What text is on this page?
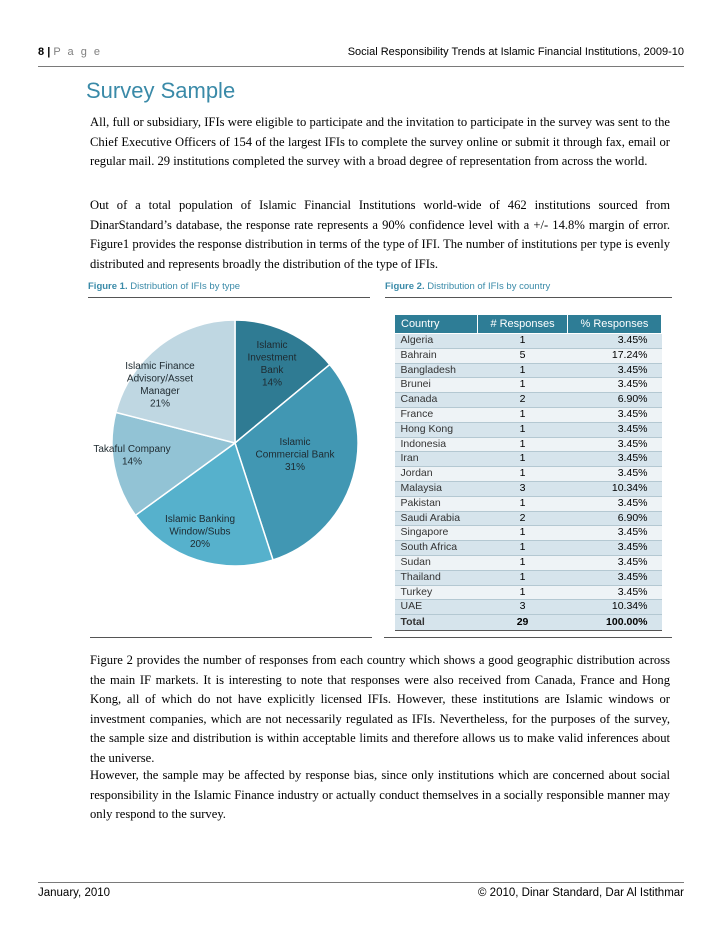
8 | P a g e	Social Responsibility Trends at Islamic Financial Institutions, 2009-10
Survey Sample

All, full or subsidiary, IFIs were eligible to participate and the invitation to participate in the survey was sent to the Chief Executive Officers of 154 of the largest IFIs to complete the survey online or submit it through fax, email or regular mail. 29 institutions completed the survey with a broad degree of representation from across the world.

Out of a total population of Islamic Financial Institutions world-wide of 462 institutions sourced from DinarStandard’s database, the response rate represents a 90% confidence level with a +/- 14.8% margin of error. Figure1 provides the response distribution in terms of the type of IFI. The number of institutions per type is evenly distributed and represents broadly the distribution of the type of IFIs.

Figure 1. Distribution of IFIs by type	Figure 2. Distribution of IFIs by country
Islamic Investment Bank 14%
Islamic Commercial Bank 31%
Islamic Banking Window/Subs 20%
Takaful Company 14%
Islamic Finance Advisory/Asset Manager 21%
Country	# Responses	% Responses
Algeria	1	3.45%
Bahrain	5	17.24%
Bangladesh	1	3.45%
Brunei	1	3.45%
Canada	2	6.90%
France	1	3.45%
Hong Kong	1	3.45%
Indonesia	1	3.45%
Iran	1	3.45%
Jordan	1	3.45%
Malaysia	3	10.34%
Pakistan	1	3.45%
Saudi Arabia	2	6.90%
Singapore	1	3.45%
South Africa	1	3.45%
Sudan	1	3.45%
Thailand	1	3.45%
Turkey	1	3.45%
UAE	3	10.34%
Total	29	100.00%

Figure 2 provides the number of responses from each country which shows a good geographic distribution across the main IF markets. It is interesting to note that responses were also received from Canada, France and Hong Kong, all of which do not have explicitly licensed IFIs. However, these institutions are Islamic windows or investment companies, which are not necessarily regulated as IFIs. Nevertheless, for the purposes of the survey, the sample size and distribution is within acceptable limits and therefore allows us to make valid inferences about the universe.

However, the sample may be affected by response bias, since only institutions which are concerned about social responsibility in the Islamic Finance industry or actually conduct themselves in a socially responsible manner may only respond to the survey.

January, 2010	© 2010, Dinar Standard, Dar Al Istithmar
